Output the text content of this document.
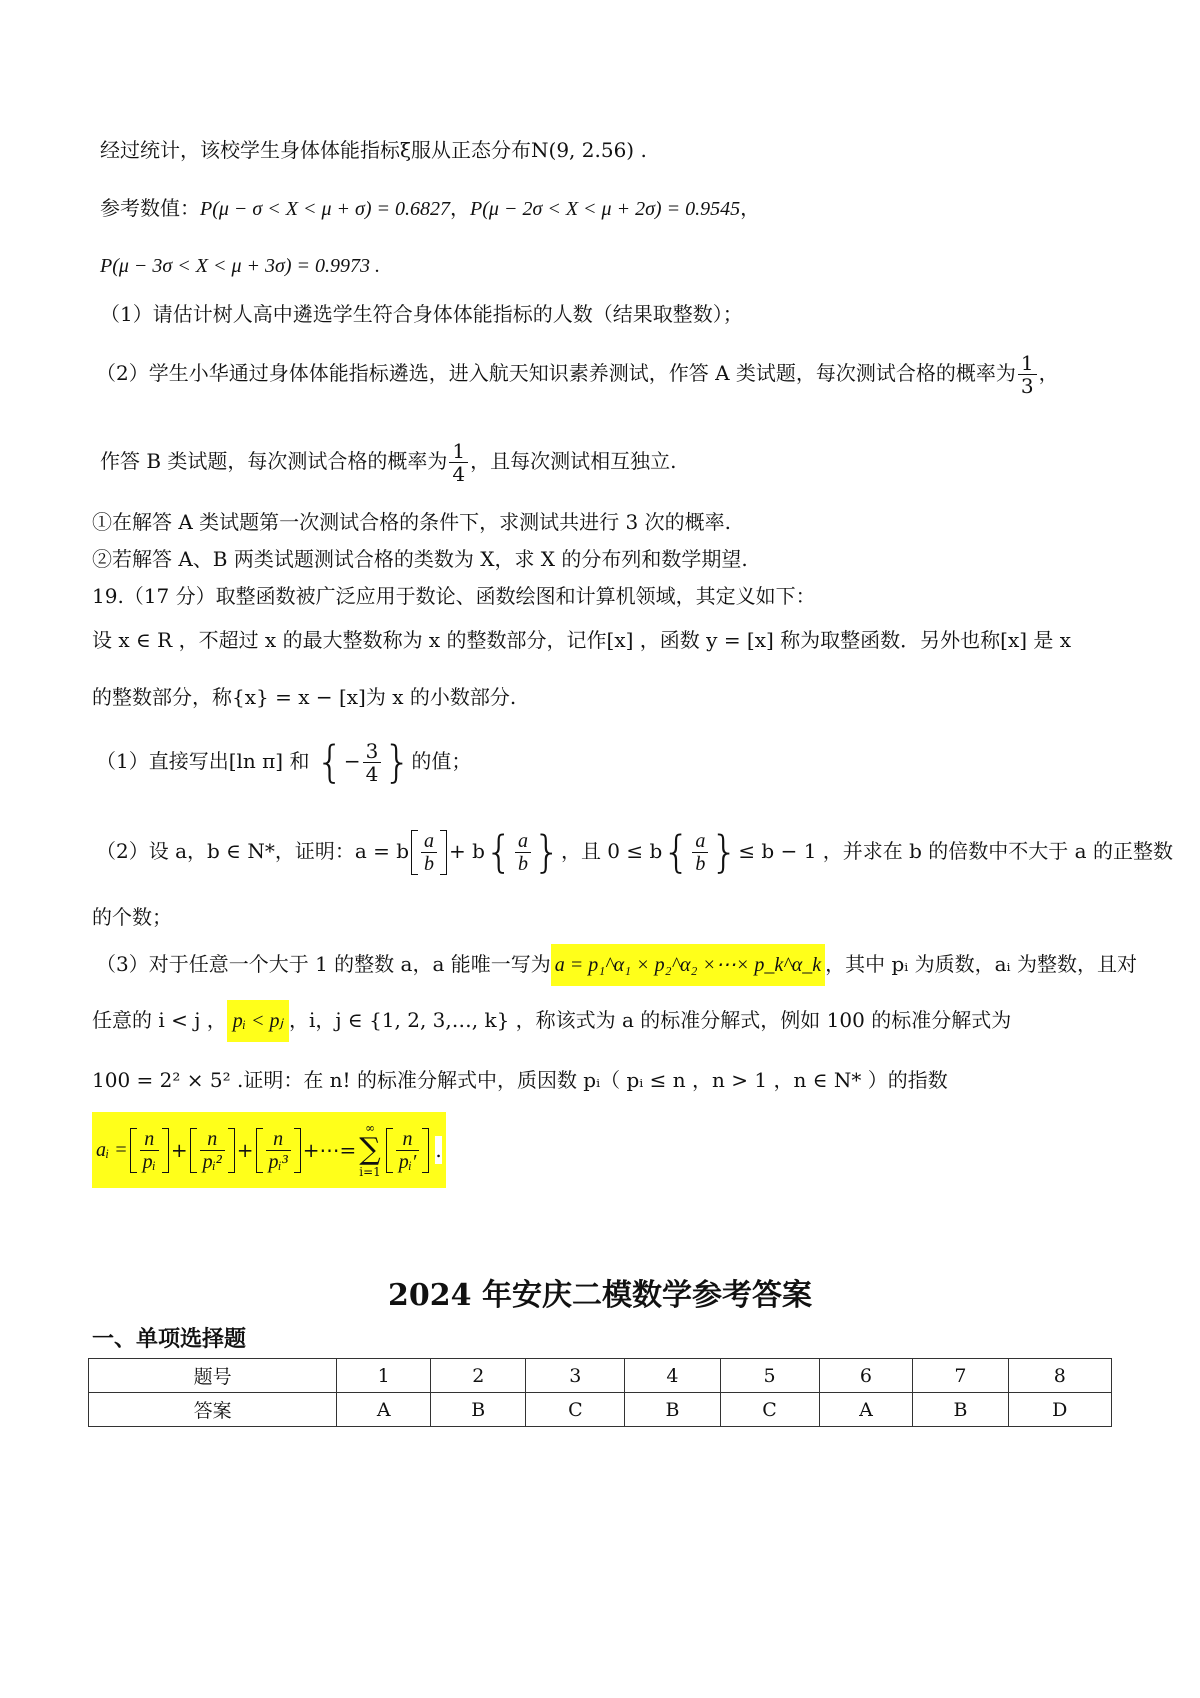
经过统计，该校学生身体体能指标ξ服从正态分布N(9, 2.56) .
参考数值：P(μ − σ < X < μ + σ) = 0.6827，P(μ − 2σ < X < μ + 2σ) = 0.9545，
P(μ − 3σ < X < μ + 3σ) = 0.9973 .
（1）请估计树人高中遴选学生符合身体体能指标的人数（结果取整数）；
（2）学生小华通过身体体能指标遴选，进入航天知识素养测试，作答 A 类试题，每次测试合格的概率为 $\frac{1}{3}$ ，
作答 B 类试题，每次测试合格的概率为 $\frac{1}{4}$ ，且每次测试相互独立.
①在解答 A 类试题第一次测试合格的条件下，求测试共进行 3 次的概率.
②若解答 A、B 两类试题测试合格的类数为 X，求 X 的分布列和数学期望.
19.（17 分）取整函数被广泛应用于数论、函数绘图和计算机领域，其定义如下：
设 x ∈ R ，不超过 x 的最大整数称为 x 的整数部分，记作[x] ，函数 y = [x] 称为取整函数．另外也称[x] 是 x
的整数部分，称{x} = x − [x]为 x 的小数部分.
（1）直接写出[ln π] 和 {− $\frac{3}{4}$ }的值；
（2）设 a，b ∈ N*，证明：a = b $\frac{a}{b} + b\{ \frac{a}{b}$ }，且 $0 \le b\{ \frac{a}{b}$ }≤ b − 1 ，并求在 b 的倍数中不大于 a 的正整数
的个数；
（3）对于任意一个大于 1 的整数 a，a 能唯一写为 a = p₁^α₁ × p₂^α₂ ×⋯× p_k^α_k ，其中 pᵢ 为质数，aᵢ 为整数，且对
任意的 i < j ， pᵢ < pⱼ ，i，j ∈ {1, 2, 3,…, k} ，称该式为 a 的标准分解式，例如 100 的标准分解式为
100 = 2² × 5² .证明：在 n! 的标准分解式中，质因数 pᵢ（ pᵢ ≤ n ，n > 1 ，n ∈ N* ）的指数
aᵢ = $\frac{n}{\text{pᵢ}} + \frac{n}{\text{pᵢ²}} + \frac{n}{\text{pᵢ³}}$ +⋯=
∞
∑
$i=1 \frac{n}{\text{pᵢ′}}$ .
2024 年安庆二模数学参考答案
一、单项选择题
题号	1	2	3	4	5	6	7	8
答案	A	B	C	B	C	A	B	D
